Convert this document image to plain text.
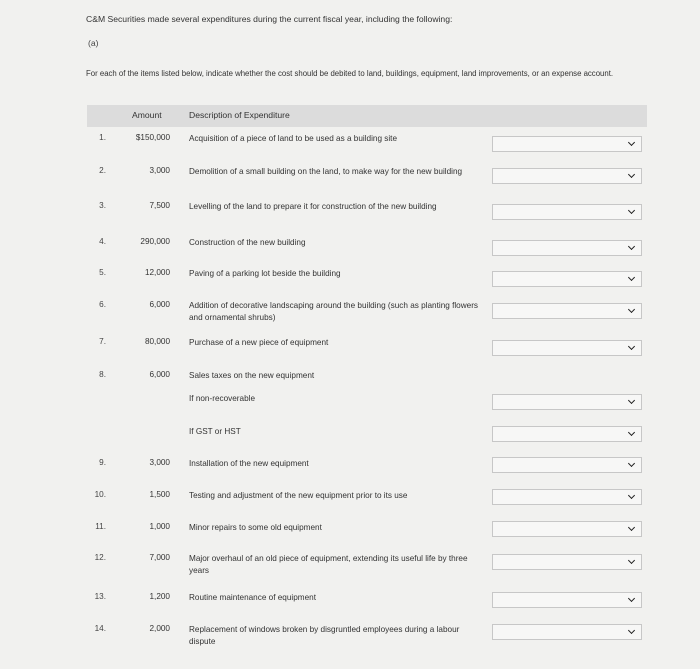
C&M Securities made several expenditures during the current fiscal year, including the following:
(a)
For each of the items listed below, indicate whether the cost should be debited to land, buildings, equipment, land improvements, or an expense account.
Amount	Description of Expenditure
1.	$150,000 Acquisition of a piece of land to be used as a building site
2.	3,000 Demolition of a small building on the land, to make way for the new building
3.	7,500 Levelling of the land to prepare it for construction of the new building
4.	290,000 Construction of the new building
5.	12,000 Paving of a parking lot beside the building
6.	6,000 Addition of decorative landscaping around the building (such as planting flowers and ornamental shrubs)
7.	80,000 Purchase of a new piece of equipment
8.	6,000 Sales taxes on the new equipment
If non-recoverable
If GST or HST
9.	3,000 Installation of the new equipment
10.	1,500 Testing and adjustment of the new equipment prior to its use
11.	1,000 Minor repairs to some old equipment
12.	7,000 Major overhaul of an old piece of equipment, extending its useful life by three years
13.	1,200 Routine maintenance of equipment
14.	2,000 Replacement of windows broken by disgruntled employees during a labour dispute
